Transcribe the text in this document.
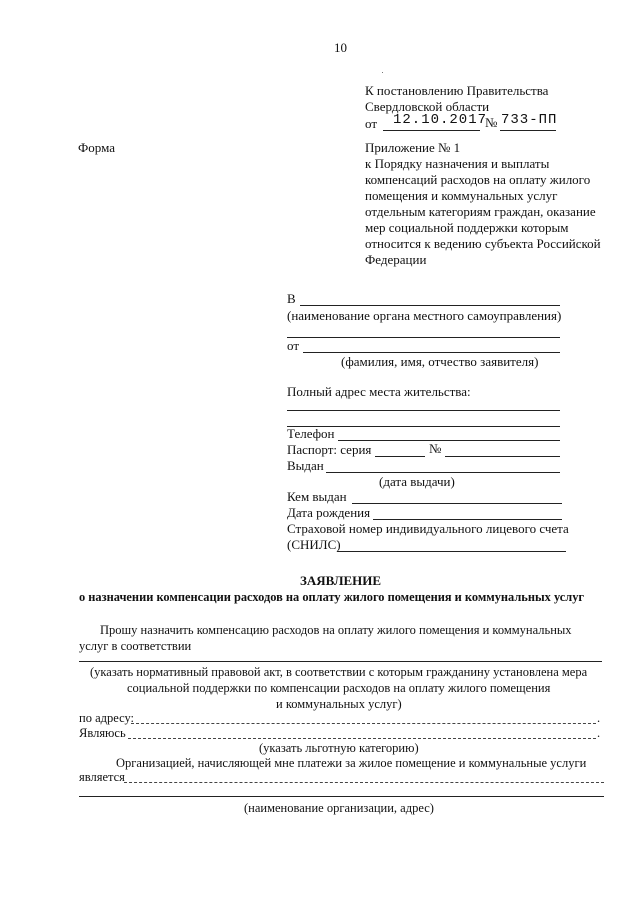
10
К постановлению Правительства
Свердловской области
от 12.10.2017
№ 733-ПП
Форма	Приложение № 1
к Порядку назначения и выплаты
компенсаций расходов на оплату жилого
помещения и коммунальных услуг
отдельным категориям граждан, оказание
мер социальной поддержки которым
относится к ведению субъекта Российской
Федерации
В
(наименование органа местного самоуправления)
от
(фамилия, имя, отчество заявителя)
Полный адрес места жительства:
Телефон
Паспорт: серия	№
Выдан
(дата выдачи)
Кем выдан
Дата рождения
Страховой номер индивидуального лицевого счета
(СНИЛС)
ЗАЯВЛЕНИЕ
о назначении компенсации расходов на оплату жилого помещения и коммунальных услуг
Прошу назначить компенсацию расходов на оплату жилого помещения и коммунальных
услуг в соответствии
(указать нормативный правовой акт, в соответствии с которым гражданину установлена мера
социальной поддержки по компенсации расходов на оплату жилого помещения
и коммунальных услуг)
по адресу:	.
Являюсь	.
(указать льготную категорию)
Организацией, начисляющей мне платежи за жилое помещение и коммунальные услуги
является
(наименование организации, адрес)
